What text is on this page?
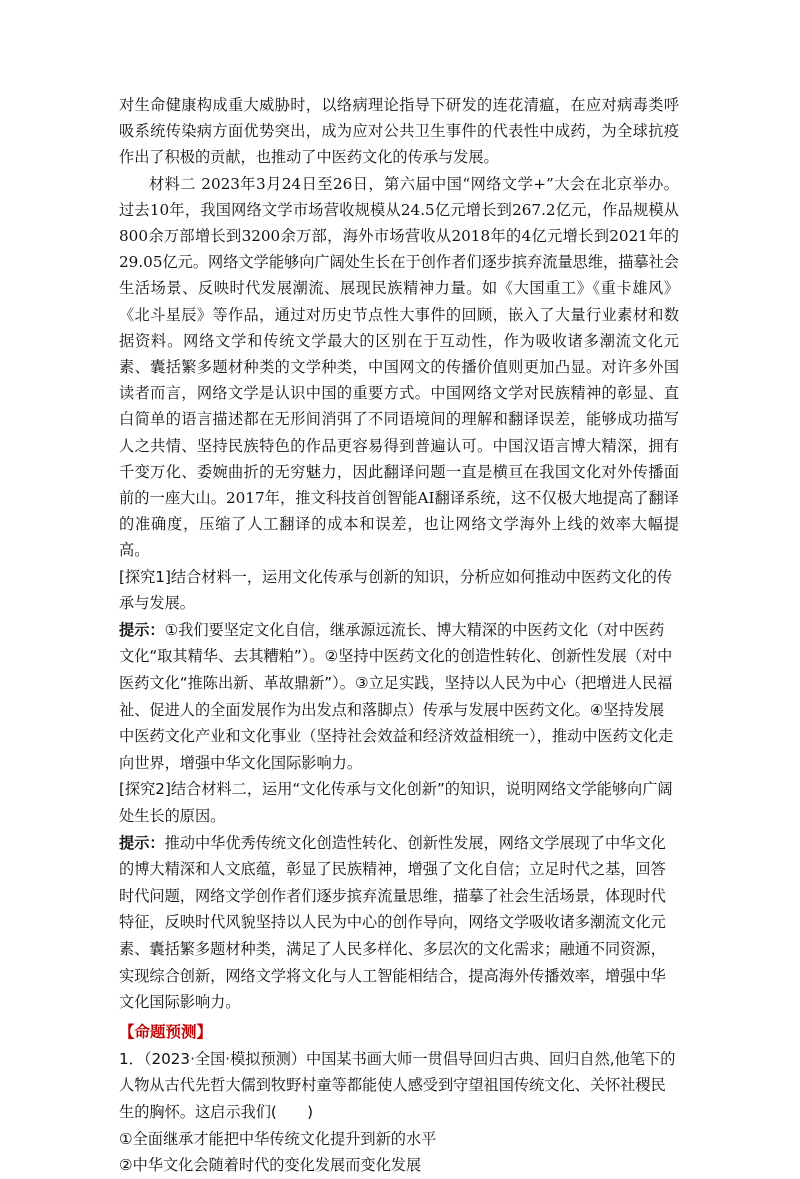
对生命健康构成重大威胁时，以络病理论指导下研发的连花清瘟，在应对病毒类呼吸系统传染病方面优势突出，成为应对公共卫生事件的代表性中成药，为全球抗疫作出了积极的贡献，也推动了中医药文化的传承与发展。

材料二 2023年3月24日至26日，第六届中国“网络文学+”大会在北京举办。过去10年，我国网络文学市场营收规模从24.5亿元增长到267.2亿元，作品规模从800余万部增长到3200余万部，海外市场营收从2018年的4亿元增长到2021年的29.05亿元。网络文学能够向广阔处生长在于创作者们逐步摈弃流量思维，描摹社会生活场景、反映时代发展潮流、展现民族精神力量。如《大国重工》《重卡雄风》《北斗星辰》等作品，通过对历史节点性大事件的回顾，嵌入了大量行业素材和数据资料。网络文学和传统文学最大的区别在于互动性，作为吸收诸多潮流文化元素、囊括繁多题材种类的文学种类，中国网文的传播价值则更加凸显。对许多外国读者而言，网络文学是认识中国的重要方式。中国网络文学对民族精神的彰显、直白简单的语言描述都在无形间消弭了不同语境间的理解和翻译误差，能够成功描写人之共情、坚持民族特色的作品更容易得到普遍认可。中国汉语言博大精深，拥有千变万化、委婉曲折的无穷魅力，因此翻译问题一直是横亘在我国文化对外传播面前的一座大山。2017年，推文科技首创智能AI翻译系统，这不仅极大地提高了翻译的准确度，压缩了人工翻译的成本和误差，也让网络文学海外上线的效率大幅提高。

[探究1]结合材料一，运用文化传承与创新的知识，分析应如何推动中医药文化的传承与发展。

提示：①我们要坚定文化自信，继承源远流长、博大精深的中医药文化（对中医药文化“取其精华、去其糟粕”）。②坚持中医药文化的创造性转化、创新性发展（对中医药文化“推陈出新、革故鼎新”）。③立足实践，坚持以人民为中心（把增进人民福祉、促进人的全面发展作为出发点和落脚点）传承与发展中医药文化。④坚持发展中医药文化产业和文化事业（坚持社会效益和经济效益相统一），推动中医药文化走向世界，增强中华文化国际影响力。

[探究2]结合材料二，运用“文化传承与文化创新”的知识，说明网络文学能够向广阔处生长的原因。

提示：推动中华优秀传统文化创造性转化、创新性发展，网络文学展现了中华文化的博大精深和人文底蕴，彰显了民族精神，增强了文化自信；立足时代之基，回答时代问题，网络文学创作者们逐步摈弃流量思维，描摹了社会生活场景，体现时代特征，反映时代风貌坚持以人民为中心的创作导向，网络文学吸收诸多潮流文化元素、囊括繁多题材种类，满足了人民多样化、多层次的文化需求；融通不同资源，实现综合创新，网络文学将文化与人工智能相结合，提高海外传播效率，增强中华文化国际影响力。

【命题预测】

1．（2023·全国·模拟预测）中国某书画大师一贯倡导回归古典、回归自然,他笔下的人物从古代先哲大儒到牧野村童等都能使人感受到守望祖国传统文化、关怀社稷民生的胸怀。这启示我们(　　)

①全面继承才能把中华传统文化提升到新的水平

②中华文化会随着时代的变化发展而变化发展
